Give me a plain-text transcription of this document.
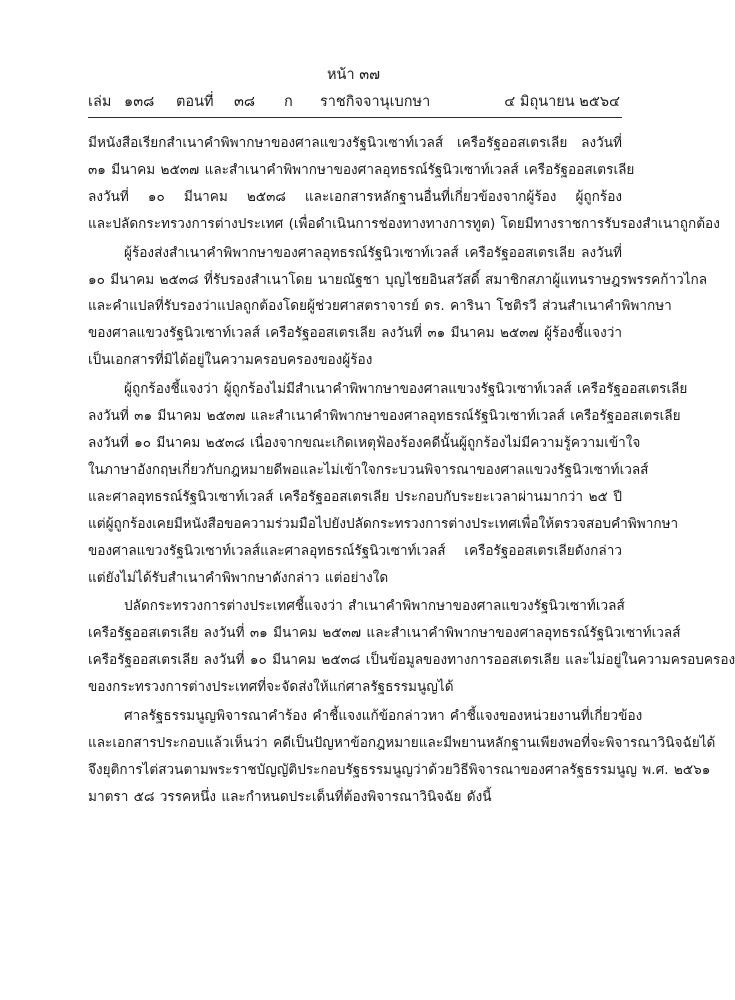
หน้า ๓๗
เล่ม ๑๓๘ ตอนที่ ๓๘ ก ราชกิจจานุเบกษา	๔ มิถุนายน ๒๕๖๔

มีหนังสือเรียกสำเนาคำพิพากษาของศาลแขวงรัฐนิวเซาท์เวลส์ เครือรัฐออสเตรเลีย ลงวันที่
๓๑ มีนาคม ๒๕๓๗ และสำเนาคำพิพากษาของศาลอุทธรณ์รัฐนิวเซาท์เวลส์ เครือรัฐออสเตรเลีย
ลงวันที่ ๑๐ มีนาคม ๒๕๓๘ และเอกสารหลักฐานอื่นที่เกี่ยวข้องจากผู้ร้อง ผู้ถูกร้อง
และปลัดกระทรวงการต่างประเทศ (เพื่อดำเนินการช่องทางทางการทูต) โดยมีทางราชการรับรองสำเนาถูกต้อง

ผู้ร้องส่งสำเนาคำพิพากษาของศาลอุทธรณ์รัฐนิวเซาท์เวลส์ เครือรัฐออสเตรเลีย ลงวันที่
๑๐ มีนาคม ๒๕๓๘ ที่รับรองสำเนาโดย นายณัฐชา บุญไชยอินสวัสดิ์ สมาชิกสภาผู้แทนราษฎรพรรคก้าวไกล
และคำแปลที่รับรองว่าแปลถูกต้องโดยผู้ช่วยศาสตราจารย์ ดร. คารินา โชติรวี ส่วนสำเนาคำพิพากษา
ของศาลแขวงรัฐนิวเซาท์เวลส์ เครือรัฐออสเตรเลีย ลงวันที่ ๓๑ มีนาคม ๒๕๓๗ ผู้ร้องชี้แจงว่า
เป็นเอกสารที่มิได้อยู่ในความครอบครองของผู้ร้อง

ผู้ถูกร้องชี้แจงว่า ผู้ถูกร้องไม่มีสำเนาคำพิพากษาของศาลแขวงรัฐนิวเซาท์เวลส์ เครือรัฐออสเตรเลีย
ลงวันที่ ๓๑ มีนาคม ๒๕๓๗ และสำเนาคำพิพากษาของศาลอุทธรณ์รัฐนิวเซาท์เวลส์ เครือรัฐออสเตรเลีย
ลงวันที่ ๑๐ มีนาคม ๒๕๓๘ เนื่องจากขณะเกิดเหตุฟ้องร้องคดีนั้นผู้ถูกร้องไม่มีความรู้ความเข้าใจ
ในภาษาอังกฤษเกี่ยวกับกฎหมายดีพอและไม่เข้าใจกระบวนพิจารณาของศาลแขวงรัฐนิวเซาท์เวลส์
และศาลอุทธรณ์รัฐนิวเซาท์เวลส์ เครือรัฐออสเตรเลีย ประกอบกับระยะเวลาผ่านมากว่า ๒๕ ปี
แต่ผู้ถูกร้องเคยมีหนังสือขอความร่วมมือไปยังปลัดกระทรวงการต่างประเทศเพื่อให้ตรวจสอบคำพิพากษา
ของศาลแขวงรัฐนิวเซาท์เวลส์และศาลอุทธรณ์รัฐนิวเซาท์เวลส์ เครือรัฐออสเตรเลียดังกล่าว
แต่ยังไม่ได้รับสำเนาคำพิพากษาดังกล่าว แต่อย่างใด

ปลัดกระทรวงการต่างประเทศชี้แจงว่า สำเนาคำพิพากษาของศาลแขวงรัฐนิวเซาท์เวลส์
เครือรัฐออสเตรเลีย ลงวันที่ ๓๑ มีนาคม ๒๕๓๗ และสำเนาคำพิพากษาของศาลอุทธรณ์รัฐนิวเซาท์เวลส์
เครือรัฐออสเตรเลีย ลงวันที่ ๑๐ มีนาคม ๒๕๓๘ เป็นข้อมูลของทางการออสเตรเลีย และไม่อยู่ในความครอบครอง
ของกระทรวงการต่างประเทศที่จะจัดส่งให้แก่ศาลรัฐธรรมนูญได้

ศาลรัฐธรรมนูญพิจารณาคำร้อง คำชี้แจงแก้ข้อกล่าวหา คำชี้แจงของหน่วยงานที่เกี่ยวข้อง
และเอกสารประกอบแล้วเห็นว่า คดีเป็นปัญหาข้อกฎหมายและมีพยานหลักฐานเพียงพอที่จะพิจารณาวินิจฉัยได้
จึงยุติการไต่สวนตามพระราชบัญญัติประกอบรัฐธรรมนูญว่าด้วยวิธีพิจารณาของศาลรัฐธรรมนูญ พ.ศ. ๒๕๖๑
มาตรา ๕๘ วรรคหนึ่ง และกำหนดประเด็นที่ต้องพิจารณาวินิจฉัย ดังนี้
